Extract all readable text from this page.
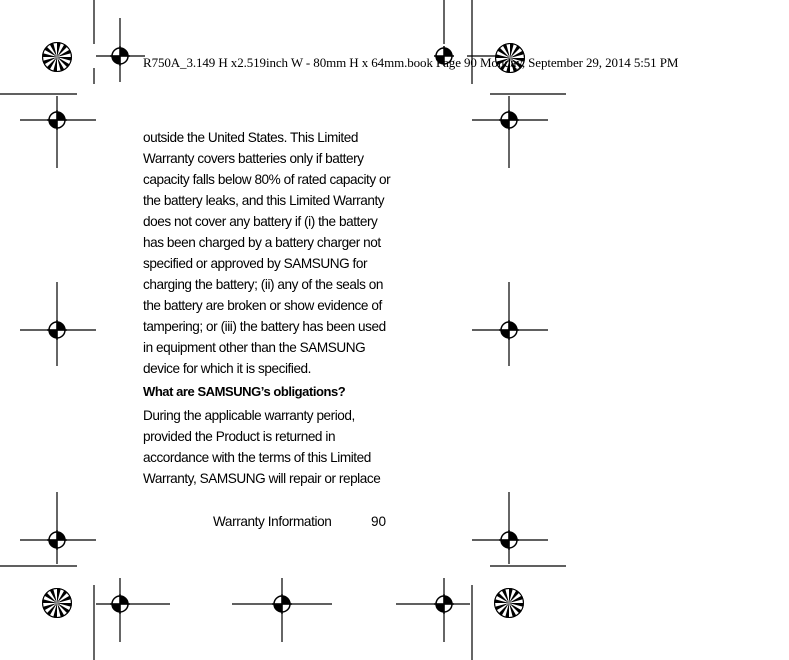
R750A_3.149 H x2.519inch W - 80mm H x 64mm.book Page 90 Monday, September 29, 2014 5:51 PM
outside the United States. This Limited
Warranty covers batteries only if battery
capacity falls below 80% of rated capacity or
the battery leaks, and this Limited Warranty
does not cover any battery if (i) the battery
has been charged by a battery charger not
specified or approved by SAMSUNG for
charging the battery; (ii) any of the seals on
the battery are broken or show evidence of
tampering; or (iii) the battery has been used
in equipment other than the SAMSUNG
device for which it is specified.
What are SAMSUNG’s obligations?
During the applicable warranty period,
provided the Product is returned in
accordance with the terms of this Limited
Warranty, SAMSUNG will repair or replace
Warranty Information	90
